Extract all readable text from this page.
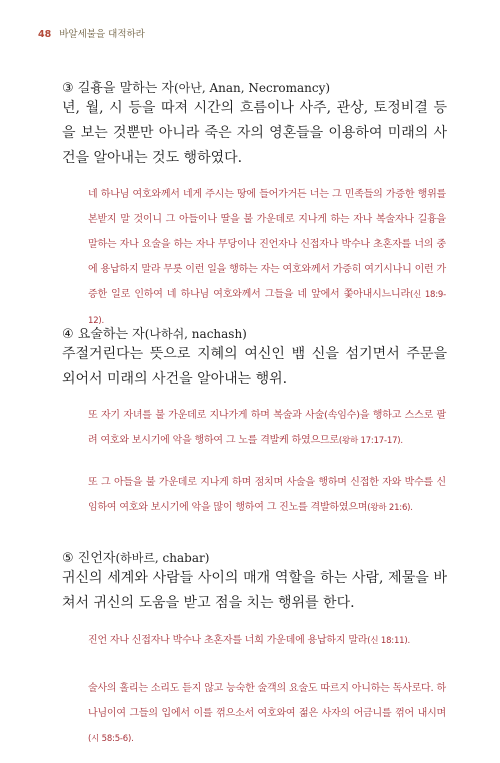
48 바알세불을 대적하라
③ 길흉을 말하는 자(아난, Anan, Necromancy)
년, 월, 시 등을 따져 시간의 흐름이나 사주, 관상, 토정비결 등을 보는 것뿐만 아니라 죽은 자의 영혼들을 이용하여 미래의 사건을 알아내는 것도 행하였다.
네 하나님 여호와께서 네게 주시는 땅에 들어가거든 너는 그 민족들의 가증한 행위를 본받지 말 것이니 그 아들이나 딸을 불 가운데로 지나게 하는 자나 복술자나 길흉을 말하는 자나 요술을 하는 자나 무당이나 진언자나 신접자나 박수나 초혼자를 너의 중에 용납하지 말라 무릇 이런 일을 행하는 자는 여호와께서 가증히 여기시나니 이런 가증한 일로 인하여 네 하나님 여호와께서 그들을 네 앞에서 쫓아내시느니라(신 18:9-12).
④ 요술하는 자(나하쉬, nachash)
주절거린다는 뜻으로 지혜의 여신인 뱀 신을 섬기면서 주문을 외어서 미래의 사건을 알아내는 행위.
또 자기 자녀를 불 가운데로 지나가게 하며 복술과 사술(속임수)을 행하고 스스로 팔려 여호와 보시기에 악을 행하여 그 노를 격발케 하였으므로(왕하 17:17-17).
또 그 아들을 불 가운데로 지나게 하며 점치며 사술을 행하며 신접한 자와 박수를 신임하여 여호와 보시기에 악을 많이 행하여 그 진노를 격발하였으며(왕하 21:6).
⑤ 진언자(하바르, chabar)
귀신의 세계와 사람들 사이의 매개 역할을 하는 사람, 제물을 바쳐서 귀신의 도움을 받고 점을 치는 행위를 한다.
진언 자나 신접자나 박수나 초혼자를 너희 가운데에 용납하지 말라(신 18:11).
술사의 홀리는 소리도 듣지 않고 능숙한 술객의 요술도 따르지 아니하는 독사로다. 하나님이여 그들의 입에서 이를 꺾으소서 여호와여 젊은 사자의 어금니를 꺾어 내시며(시 58:5-6).
